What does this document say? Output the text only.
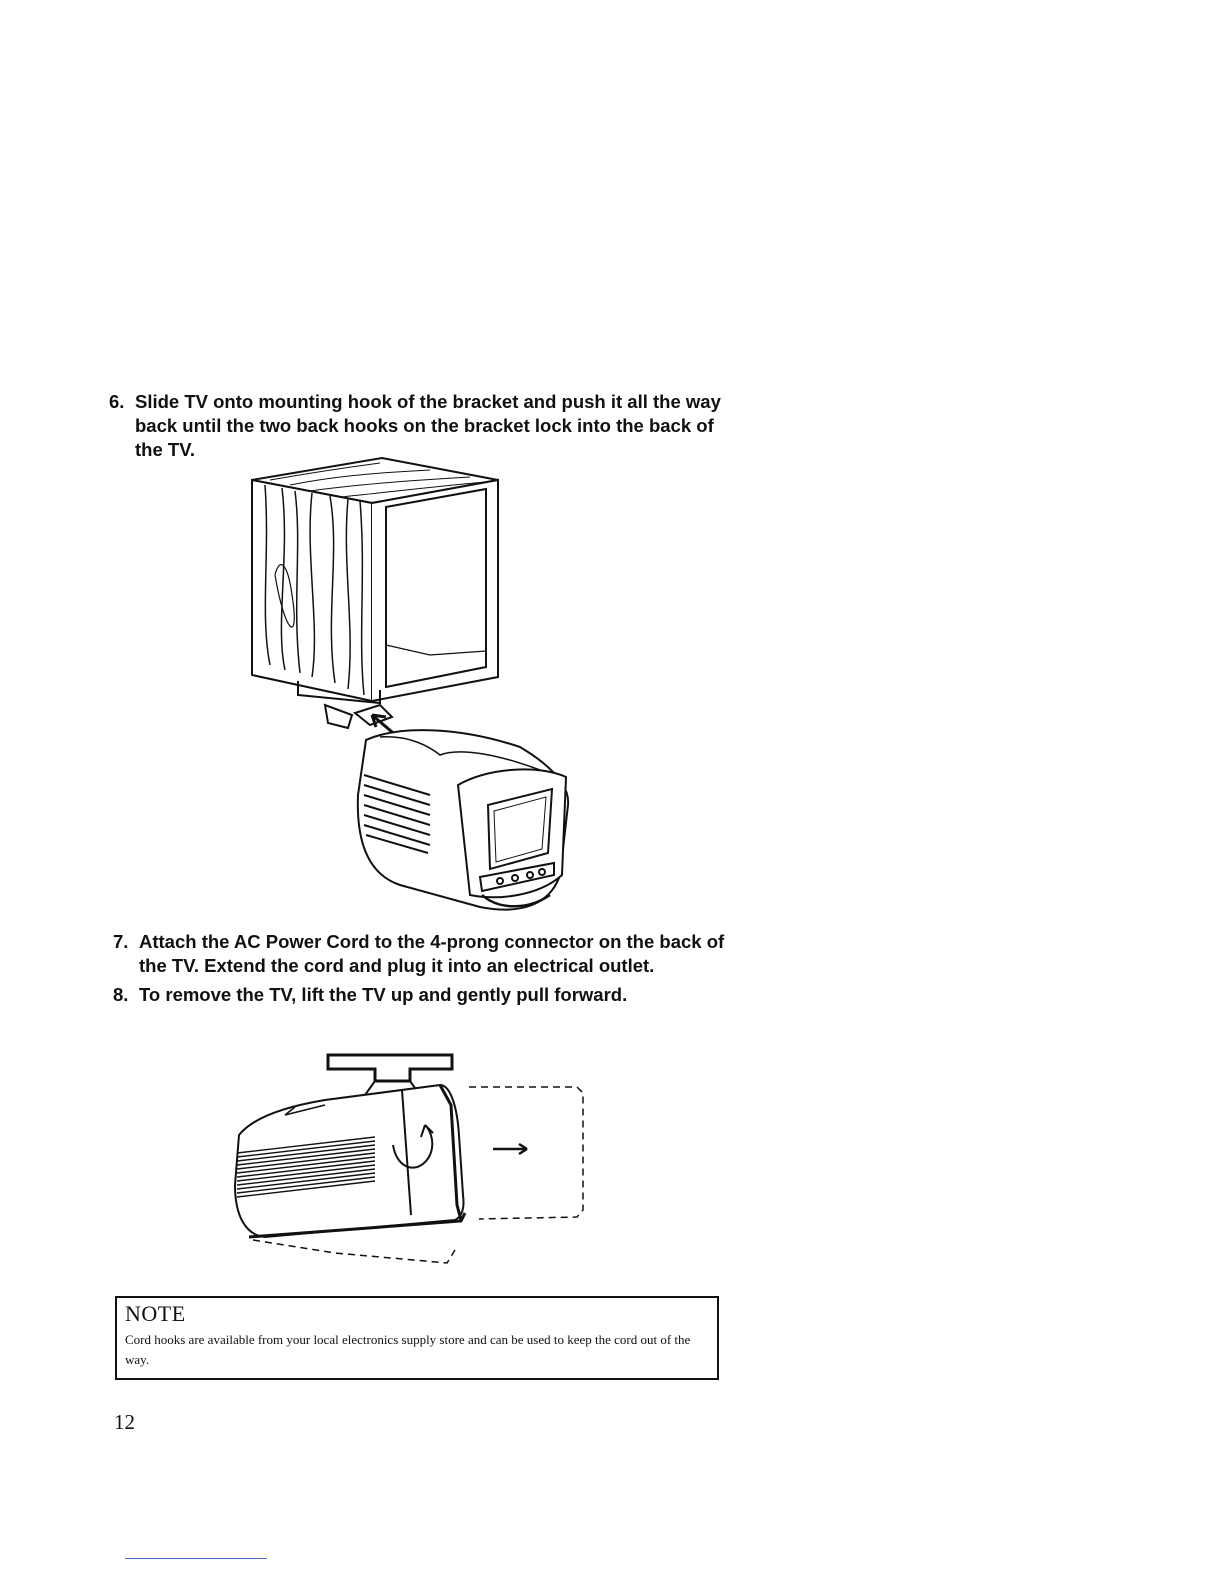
6. Slide TV onto mounting hook of the bracket and push it all the way back until the two back hooks on the bracket lock into the back of the TV.
7. Attach the AC Power Cord to the 4-prong connector on the back of the TV. Extend the cord and plug it into an electrical outlet.
8. To remove the TV, lift the TV up and gently pull forward.
NOTE
Cord hooks are available from your local electronics supply store and can be used to keep the cord out of the way.
12
